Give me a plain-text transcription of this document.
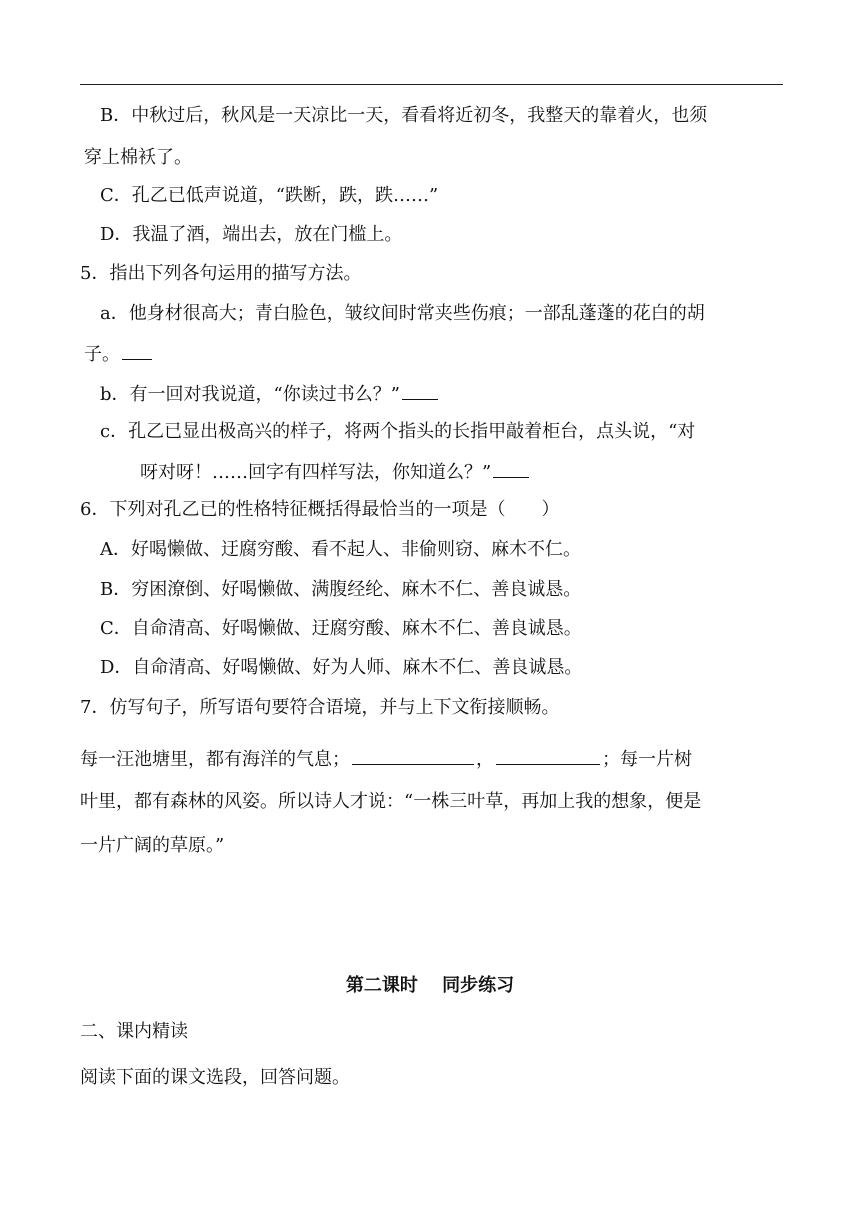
B．中秋过后，秋风是一天凉比一天，看看将近初冬，我整天的靠着火，也须
穿上棉袄了。
C．孔乙已低声说道，“跌断，跌，跌……”
D．我温了酒，端出去，放在门槛上。
5．指出下列各句运用的描写方法。
a．他身材很高大；青白脸色，皱纹间时常夹些伤痕；一部乱蓬蓬的花白的胡
子。
b．有一回对我说道，“你读过书么？”
c．孔乙已显出极高兴的样子，将两个指头的长指甲敲着柜台，点头说，“对
呀对呀！……回字有四样写法，你知道么？”
6．下列对孔乙已的性格特征概括得最恰当的一项是（　　）
A．好喝懒做、迂腐穷酸、看不起人、非偷则窃、麻木不仁。
B．穷困潦倒、好喝懒做、满腹经纶、麻木不仁、善良诚恳。
C．自命清高、好喝懒做、迂腐穷酸、麻木不仁、善良诚恳。
D．自命清高、好喝懒做、好为人师、麻木不仁、善良诚恳。
7．仿写句子，所写语句要符合语境，并与上下文衔接顺畅。
每一汪池塘里，都有海洋的气息；	，	；每一片树
叶里，都有森林的风姿。所以诗人才说：“一株三叶草，再加上我的想象，便是
一片广阔的草原。”
第二课时　 同步练习
二、课内精读
阅读下面的课文选段，回答问题。
